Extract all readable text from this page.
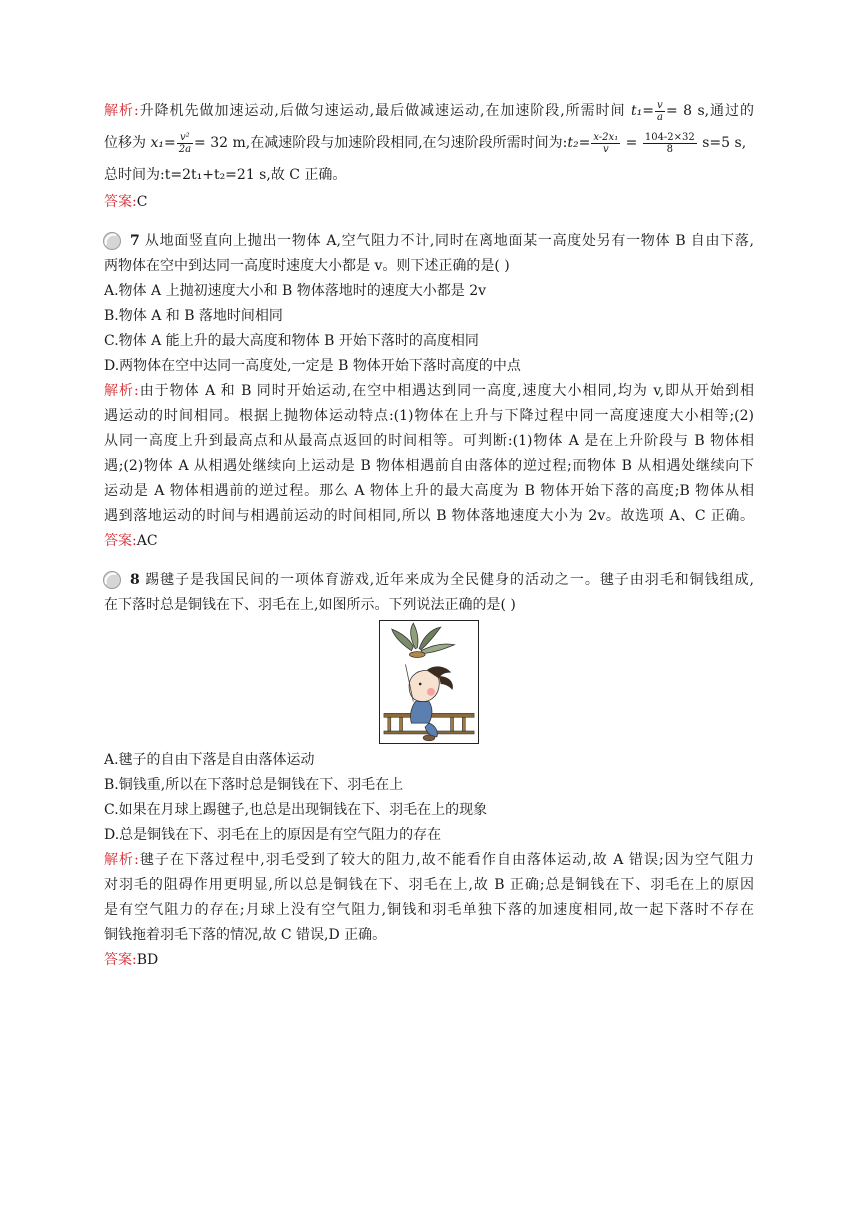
解析:升降机先做加速运动,后做匀速运动,最后做减速运动,在加速阶段,所需时间 $t_1= \frac{v}{a} = 8$ s,通过的
位移为 $x_1= \frac{\text{v²}}{2a} = 32$ m,在减速阶段与加速阶段相同,在匀速阶段所需时间为:t₂= $\frac{\text{x-2x₁}}{v} = \frac{104-2\times 32}{8} s=5$ s,
总时间为:t=2t₁+t₂=21 s,故 C 正确。
答案:C
7 从地面竖直向上抛出一物体 A,空气阻力不计,同时在离地面某一高度处另有一物体 B 自由下落,
两物体在空中到达同一高度时速度大小都是 v。则下述正确的是( )
A.物体 A 上抛初速度大小和 B 物体落地时的速度大小都是 2v
B.物体 A 和 B 落地时间相同
C.物体 A 能上升的最大高度和物体 B 开始下落时的高度相同
D.两物体在空中达同一高度处,一定是 B 物体开始下落时高度的中点
解析:由于物体 A 和 B 同时开始运动,在空中相遇达到同一高度,速度大小相同,均为 v,即从开始到相
遇运动的时间相同。根据上抛物体运动特点:(1)物体在上升与下降过程中同一高度速度大小相等;(2)
从同一高度上升到最高点和从最高点返回的时间相等。可判断:(1)物体 A 是在上升阶段与 B 物体相
遇;(2)物体 A 从相遇处继续向上运动是 B 物体相遇前自由落体的逆过程;而物体 B 从相遇处继续向下
运动是 A 物体相遇前的逆过程。那么 A 物体上升的最大高度为 B 物体开始下落的高度;B 物体从相
遇到落地运动的时间与相遇前运动的时间相同,所以 B 物体落地速度大小为 2v。故选项 A、C 正确。
答案:AC
8 踢毽子是我国民间的一项体育游戏,近年来成为全民健身的活动之一。毽子由羽毛和铜钱组成,
在下落时总是铜钱在下、羽毛在上,如图所示。下列说法正确的是( )
A.毽子的自由下落是自由落体运动
B.铜钱重,所以在下落时总是铜钱在下、羽毛在上
C.如果在月球上踢毽子,也总是出现铜钱在下、羽毛在上的现象
D.总是铜钱在下、羽毛在上的原因是有空气阻力的存在
解析:毽子在下落过程中,羽毛受到了较大的阻力,故不能看作自由落体运动,故 A 错误;因为空气阻力
对羽毛的阻碍作用更明显,所以总是铜钱在下、羽毛在上,故 B 正确;总是铜钱在下、羽毛在上的原因
是有空气阻力的存在;月球上没有空气阻力,铜钱和羽毛单独下落的加速度相同,故一起下落时不存在
铜钱拖着羽毛下落的情况,故 C 错误,D 正确。
答案:BD
